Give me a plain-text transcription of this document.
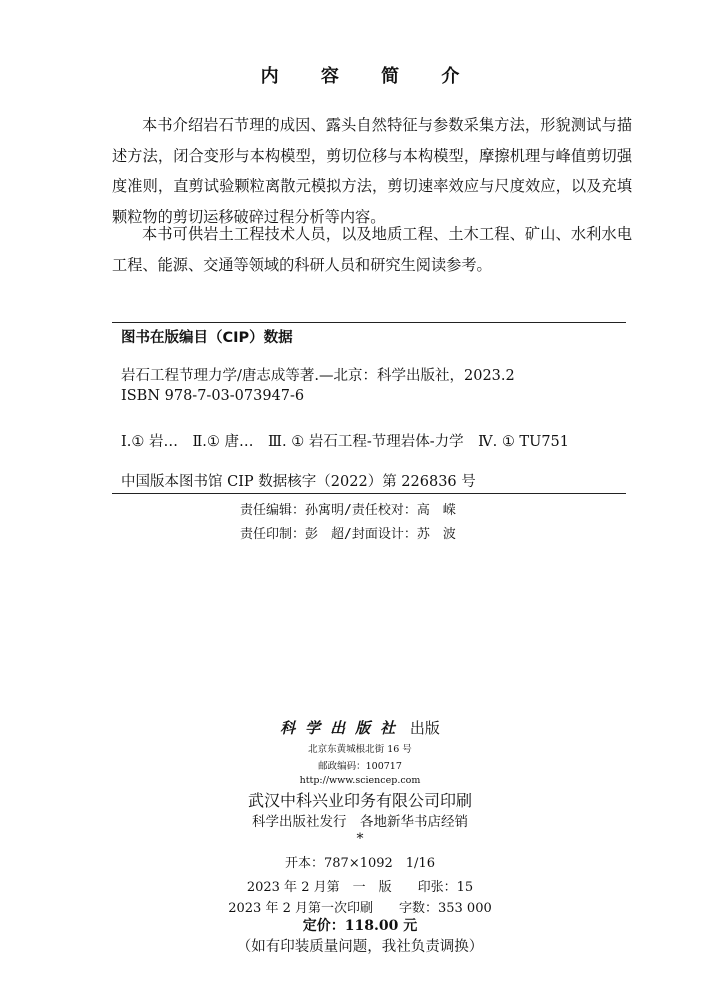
内 容 简 介

本书介绍岩石节理的成因、露头自然特征与参数采集方法，形貌测试与描述方法，闭合变形与本构模型，剪切位移与本构模型，摩擦机理与峰值剪切强度准则，直剪试验颗粒离散元模拟方法，剪切速率效应与尺度效应，以及充填颗粒物的剪切运移破碎过程分析等内容。

本书可供岩土工程技术人员，以及地质工程、土木工程、矿山、水利水电工程、能源、交通等领域的科研人员和研究生阅读参考。

图书在版编目（CIP）数据
岩石工程节理力学/唐志成等著.—北京：科学出版社，2023.2
ISBN 978-7-03-073947-6
Ⅰ.① 岩…　Ⅱ.① 唐…　Ⅲ. ① 岩石工程-节理岩体-力学　Ⅳ. ① TU751
中国版本图书馆 CIP 数据核字（2022）第 226836 号
责任编辑：孙寓明/责任校对：高　嵘
责任印制：彭　超/封面设计：苏　波
科学出版社 出版
北京东黄城根北街 16 号
邮政编码：100717
http://www.sciencep.com
武汉中科兴业印务有限公司印刷
科学出版社发行　各地新华书店经销
*
开本：787×1092　1/16
2023 年 2 月第　一　版　　印张：15
2023 年 2 月第一次印刷　　字数：353 000
定价：118.00 元
（如有印装质量问题，我社负责调换）
